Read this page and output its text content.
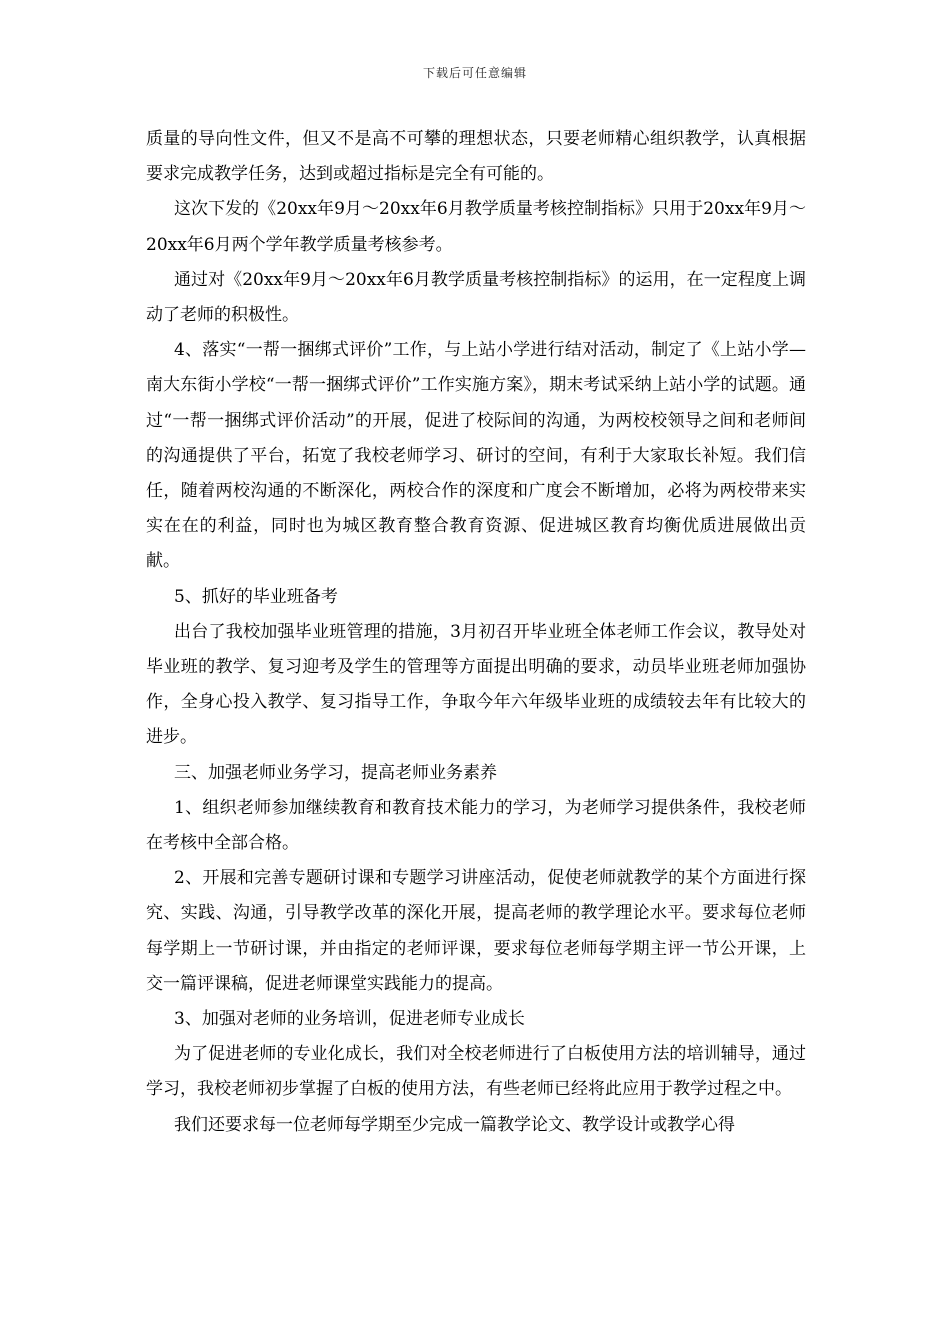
下载后可任意编辑

质量的导向性文件，但又不是高不可攀的理想状态，只要老师精心组织教学，认真根据要求完成教学任务，达到或超过指标是完全有可能的。

这次下发的《20xx年9月～20xx年6月教学质量考核控制指标》只用于20xx年9月～20xx年6月两个学年教学质量考核参考。

通过对《20xx年9月～20xx年6月教学质量考核控制指标》的运用，在一定程度上调动了老师的积极性。

4、落实“一帮一捆绑式评价”工作，与上站小学进行结对活动，制定了《上站小学—南大东街小学校“一帮一捆绑式评价”工作实施方案》，期末考试采纳上站小学的试题。通过“一帮一捆绑式评价活动”的开展，促进了校际间的沟通，为两校校领导之间和老师间的沟通提供了平台，拓宽了我校老师学习、研讨的空间，有利于大家取长补短。我们信任，随着两校沟通的不断深化，两校合作的深度和广度会不断增加，必将为两校带来实实在在的利益，同时也为城区教育整合教育资源、促进城区教育均衡优质进展做出贡献。

5、抓好的毕业班备考

出台了我校加强毕业班管理的措施，3月初召开毕业班全体老师工作会议，教导处对毕业班的教学、复习迎考及学生的管理等方面提出明确的要求，动员毕业班老师加强协作，全身心投入教学、复习指导工作，争取今年六年级毕业班的成绩较去年有比较大的进步。

三、加强老师业务学习，提高老师业务素养

1、组织老师参加继续教育和教育技术能力的学习，为老师学习提供条件，我校老师在考核中全部合格。

2、开展和完善专题研讨课和专题学习讲座活动，促使老师就教学的某个方面进行探究、实践、沟通，引导教学改革的深化开展，提高老师的教学理论水平。要求每位老师每学期上一节研讨课，并由指定的老师评课，要求每位老师每学期主评一节公开课，上交一篇评课稿，促进老师课堂实践能力的提高。

3、加强对老师的业务培训，促进老师专业成长

为了促进老师的专业化成长，我们对全校老师进行了白板使用方法的培训辅导，通过学习，我校老师初步掌握了白板的使用方法，有些老师已经将此应用于教学过程之中。

我们还要求每一位老师每学期至少完成一篇教学论文、教学设计或教学心得
